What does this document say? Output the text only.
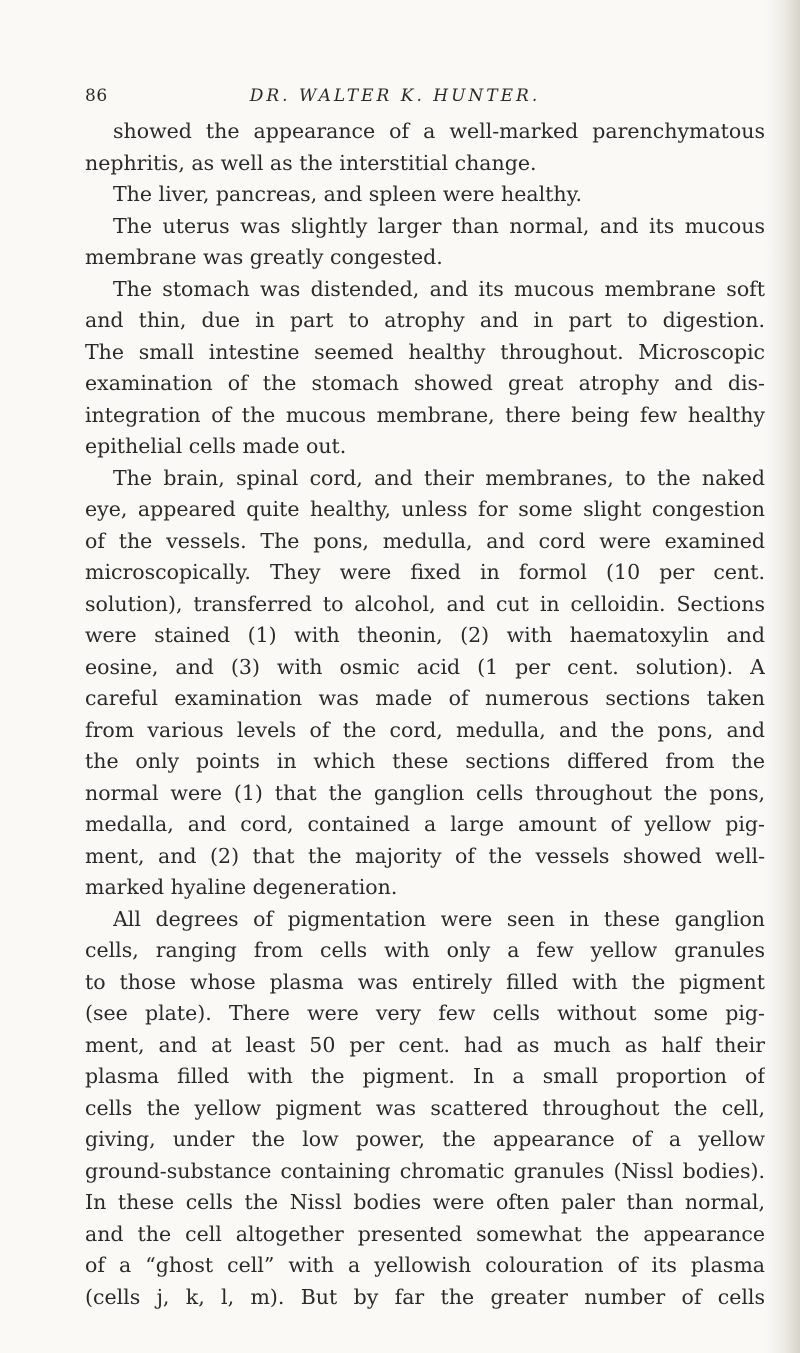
86	DR. WALTER K. HUNTER.
showed the appearance of a well-marked parenchymatous
nephritis, as well as the interstitial change.
The liver, pancreas, and spleen were healthy.
The uterus was slightly larger than normal, and its mucous
membrane was greatly congested.
The stomach was distended, and its mucous membrane soft
and thin, due in part to atrophy and in part to digestion.
The small intestine seemed healthy throughout. Microscopic
examination of the stomach showed great atrophy and dis-
integration of the mucous membrane, there being few healthy
epithelial cells made out.
The brain, spinal cord, and their membranes, to the naked
eye, appeared quite healthy, unless for some slight congestion
of the vessels. The pons, medulla, and cord were examined
microscopically. They were fixed in formol (10 per cent.
solution), transferred to alcohol, and cut in celloidin. Sections
were stained (1) with theonin, (2) with haematoxylin and
eosine, and (3) with osmic acid (1 per cent. solution). A
careful examination was made of numerous sections taken
from various levels of the cord, medulla, and the pons, and
the only points in which these sections differed from the
normal were (1) that the ganglion cells throughout the pons,
medalla, and cord, contained a large amount of yellow pig-
ment, and (2) that the majority of the vessels showed well-
marked hyaline degeneration.
All degrees of pigmentation were seen in these ganglion
cells, ranging from cells with only a few yellow granules
to those whose plasma was entirely filled with the pigment
(see plate). There were very few cells without some pig-
ment, and at least 50 per cent. had as much as half their
plasma filled with the pigment. In a small proportion of
cells the yellow pigment was scattered throughout the cell,
giving, under the low power, the appearance of a yellow
ground-substance containing chromatic granules (Nissl bodies).
In these cells the Nissl bodies were often paler than normal,
and the cell altogether presented somewhat the appearance
of a “ghost cell” with a yellowish colouration of its plasma
(cells j, k, l, m). But by far the greater number of cells
